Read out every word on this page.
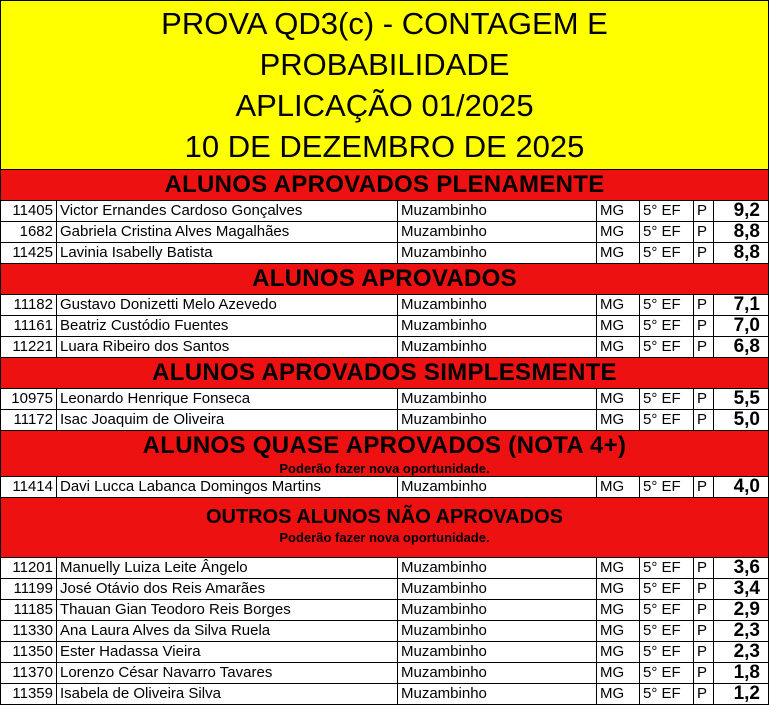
PROVA QD3(c) - CONTAGEM E
PROBABILIDADE
APLICAÇÃO 01/2025
10 DE DEZEMBRO DE 2025
ALUNOS APROVADOS PLENAMENTE
11405 Victor Ernandes Cardoso Gonçalves	Muzambinho	MG	5° EF	P	9,2
1682 Gabriela Cristina Alves Magalhães	Muzambinho	MG	5° EF	P	8,8
11425 Lavinia Isabelly Batista	Muzambinho	MG	5° EF	P	8,8
ALUNOS APROVADOS
11182 Gustavo Donizetti Melo Azevedo	Muzambinho	MG	5° EF	P	7,1
11161 Beatriz Custódio Fuentes	Muzambinho	MG	5° EF	P	7,0
11221 Luara Ribeiro dos Santos	Muzambinho	MG	5° EF	P	6,8
ALUNOS APROVADOS SIMPLESMENTE
10975 Leonardo Henrique Fonseca	Muzambinho	MG	5° EF	P	5,5
11172 Isac Joaquim de Oliveira	Muzambinho	MG	5° EF	P	5,0
ALUNOS QUASE APROVADOS (NOTA 4+)
Poderão fazer nova oportunidade.
11414 Davi Lucca Labanca Domingos Martins	Muzambinho	MG	5° EF	P	4,0
OUTROS ALUNOS NÃO APROVADOS
Poderão fazer nova oportunidade.
11201 Manuelly Luiza Leite Ângelo	Muzambinho	MG	5° EF	P	3,6
11199 José Otávio dos Reis Amarães	Muzambinho	MG	5° EF	P	3,4
11185 Thauan Gian Teodoro Reis Borges	Muzambinho	MG	5° EF	P	2,9
11330 Ana Laura Alves da Silva Ruela	Muzambinho	MG	5° EF	P	2,3
11350 Ester Hadassa Vieira	Muzambinho	MG	5° EF	P	2,3
11370 Lorenzo César Navarro Tavares	Muzambinho	MG	5° EF	P	1,8
11359 Isabela de Oliveira Silva	Muzambinho	MG	5° EF	P	1,2
